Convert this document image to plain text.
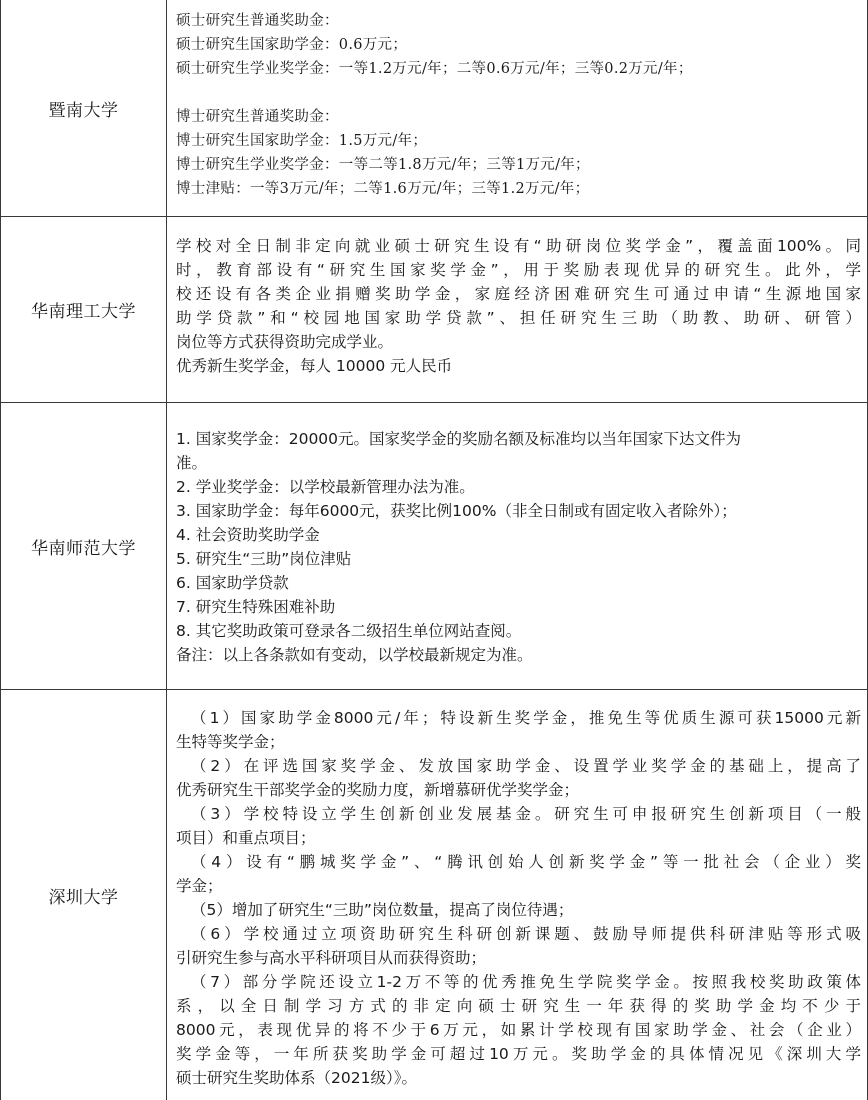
暨南大学
硕士研究生普通奖助金：
硕士研究生国家助学金：0.6万元；
硕士研究生学业奖学金：一等1.2万元/年；二等0.6万元/年；三等0.2万元/年；
博士研究生普通奖助金：
博士研究生国家助学金：1.5万元/年；
博士研究生学业奖学金：一等二等1.8万元/年；三等1万元/年；
博士津贴：一等3万元/年；二等1.6万元/年；三等1.2万元/年；
华南理工大学
学校对全日制非定向就业硕士研究生设有“助研岗位奖学金”，覆盖面100%。同
时，教育部设有“研究生国家奖学金”，用于奖励表现优异的研究生。此外，学
校还设有各类企业捐赠奖助学金，家庭经济困难研究生可通过申请“生源地国家
助学贷款”和“校园地国家助学贷款”、担任研究生三助（助教、助研、研管）
岗位等方式获得资助完成学业。
优秀新生奖学金，每人 10000 元人民币
华南师范大学
1. 国家奖学金：20000元。国家奖学金的奖励名额及标准均以当年国家下达文件为
准。
2. 学业奖学金：以学校最新管理办法为准。
3. 国家助学金：每年6000元，获奖比例100%（非全日制或有固定收入者除外）；
4. 社会资助奖助学金
5. 研究生“三助”岗位津贴
6. 国家助学贷款
7. 研究生特殊困难补助
8. 其它奖助政策可登录各二级招生单位网站查阅。
备注：以上各条款如有变动，以学校最新规定为准。
深圳大学
（1）国家助学金8000元/年；特设新生奖学金，推免生等优质生源可获15000元新
生特等奖学金；
（2）在评选国家奖学金、发放国家助学金、设置学业奖学金的基础上，提高了
优秀研究生干部奖学金的奖励力度，新增慕研优学奖学金；
（3）学校特设立学生创新创业发展基金。研究生可申报研究生创新项目（一般
项目）和重点项目；
（4）设有“鹏城奖学金”、“腾讯创始人创新奖学金”等一批社会（企业）奖
学金；
（5）增加了研究生“三助”岗位数量，提高了岗位待遇；
（6）学校通过立项资助研究生科研创新课题、鼓励导师提供科研津贴等形式吸
引研究生参与高水平科研项目从而获得资助；
（7）部分学院还设立1-2万不等的优秀推免生学院奖学金。按照我校奖助政策体
系，以全日制学习方式的非定向硕士研究生一年获得的奖助学金均不少于
8000元，表现优异的将不少于6万元，如累计学校现有国家助学金、社会（企业）
奖学金等，一年所获奖助学金可超过10万元。奖助学金的具体情况见《深圳大学
硕士研究生奖助体系（2021级）》。
